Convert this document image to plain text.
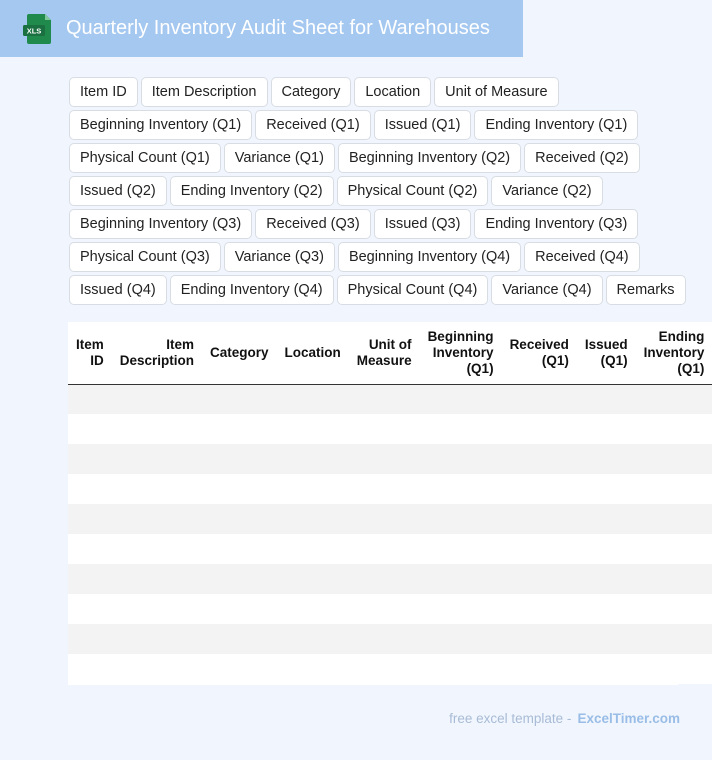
XLS Quarterly Inventory Audit Sheet for Warehouses
Item ID	Item Description	Category	Location	Unit of Measure
Beginning Inventory (Q1)	Received (Q1)	Issued (Q1)	Ending Inventory (Q1)
Physical Count (Q1)	Variance (Q1)	Beginning Inventory (Q2)	Received (Q2)
Issued (Q2)	Ending Inventory (Q2)	Physical Count (Q2)	Variance (Q2)
Beginning Inventory (Q3)	Received (Q3)	Issued (Q3)	Ending Inventory (Q3)
Physical Count (Q3)	Variance (Q3)	Beginning Inventory (Q4)	Received (Q4)
Issued (Q4)	Ending Inventory (Q4)	Physical Count (Q4)	Variance (Q4)	Remarks
Item ID	Item Description	Category	Location	Unit of Measure	Beginning Inventory (Q1)	Received (Q1)	Issued (Q1)	Ending Inventory (Q1)

free excel template - ExcelTimer.com
